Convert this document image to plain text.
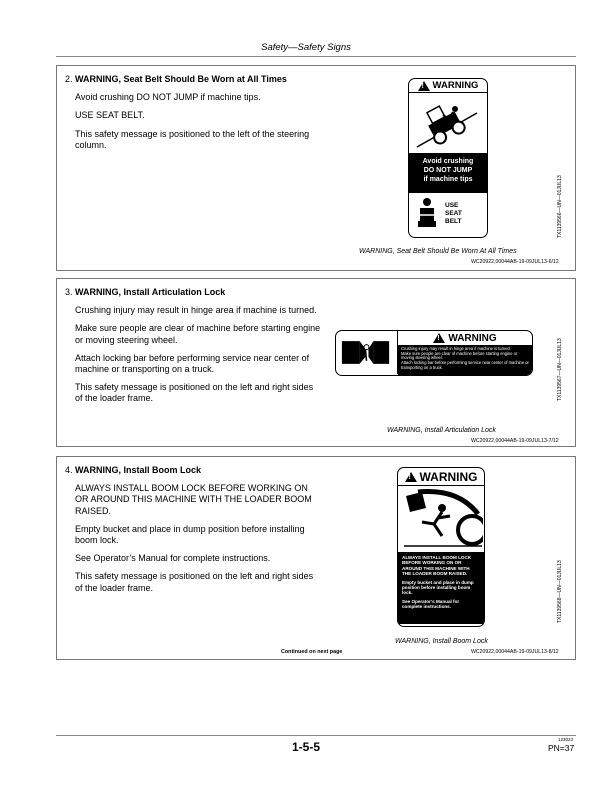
Safety—Safety Signs
2. WARNING, Seat Belt Should Be Worn at All Times
Avoid crushing DO NOT JUMP if machine tips.
USE SEAT BELT.
This safety message is positioned to the left of the steering column.
! WARNING
Avoid crushing
DO NOT JUMP
if machine tips
USE
SEAT
BELT	TX1139566—UN—01JUL13
WARNING, Seat Belt Should Be Worn At All Times
WC20922,00044AB-19-09JUL13-6/12
3. WARNING, Install Articulation Lock
Crushing injury may result in hinge area if machine is turned.
Make sure people are clear of machine before starting engine or moving steering wheel.
Attach locking bar before performing service near center of machine or transporting on a truck.
This safety message is positioned on the left and right sides of the loader frame.
! WARNING
Crushing injury may result in hinge area if machine is turned.
Make sure people are clear of machine before starting engine or moving steering wheel.
Attach locking bar before performing service near center of machine or transporting on a truck.	TX1139567—UN—01JUL13
WARNING, Install Articulation Lock
WC20922,00044AB-19-09JUL13-7/12
4. WARNING, Install Boom Lock
ALWAYS INSTALL BOOM LOCK BEFORE WORKING ON OR AROUND THIS MACHINE WITH THE LOADER BOOM RAISED.
Empty bucket and place in dump position before installing boom lock.
See Operator’s Manual for complete instructions.
This safety message is positioned on the left and right sides of the loader frame.
! WARNING
ALWAYS INSTALL BOOM LOCK BEFORE WORKING ON OR AROUND THIS MACHINE WITH THE LOADER BOOM RAISED.
Empty bucket and place in dump position before installing boom lock.
See Operator’s Manual for complete instructions.	TX1139568—UN—01JUL13
WARNING, Install Boom Lock
Continued on next page	WC20922,00044AB-19-09JUL13-8/12
1-5-5
123023
PN=37
